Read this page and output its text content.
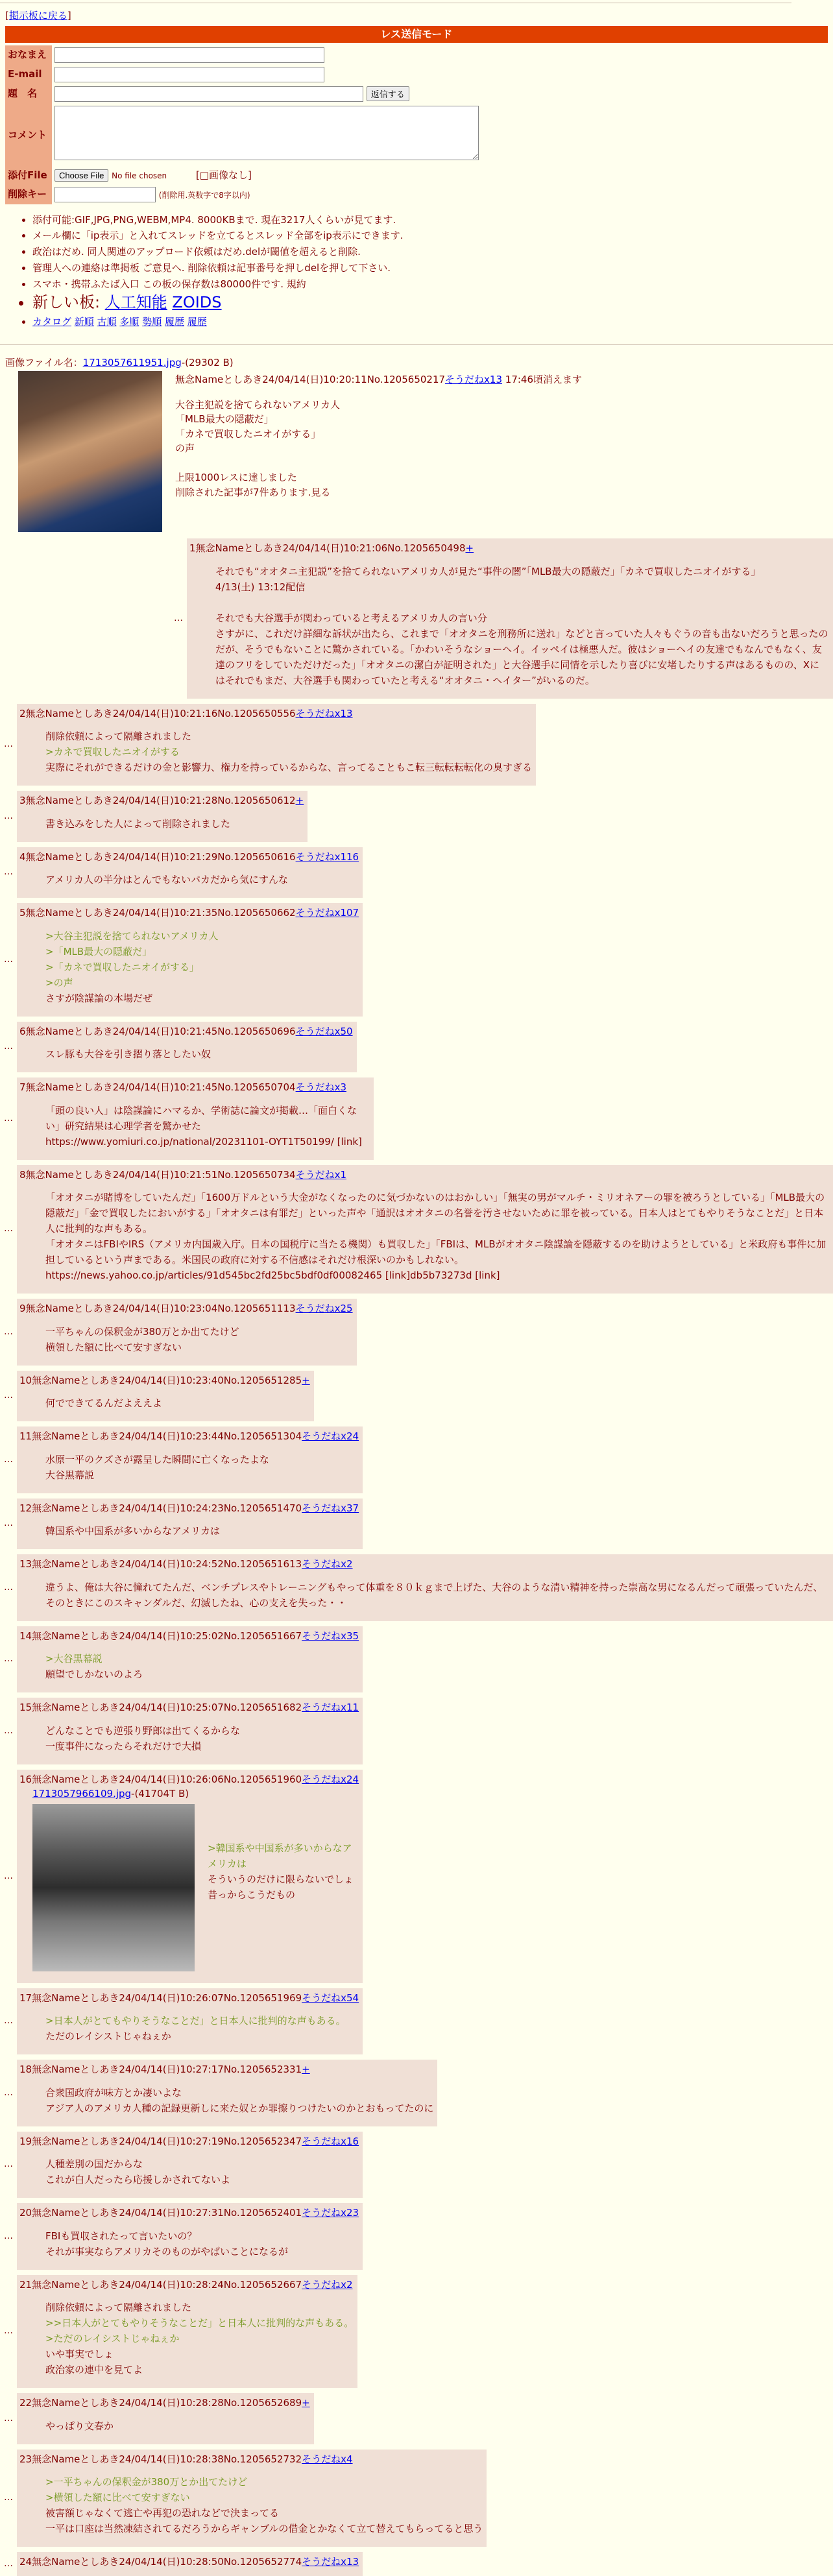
[掲示板に戻る]
レス送信モード
おなまえ	
E-mail	
題　名	返信する
コメント	
添付File	Choose File No file chosen [□画像なし]
削除キー	(削除用.英数字で8字以内)
• 添付可能:GIF,JPG,PNG,WEBM,MP4. 8000KBまで. 現在3217人くらいが見てます.
• メール欄に「ip表示」と入れてスレッドを立てるとスレッド全部をip表示にできます.
• 政治はだめ. 同人関連のアップロード依頼はだめ.delが閾値を超えると削除.
• 管理人への連絡は準掲板 ご意見へ. 削除依頼は記事番号を押しdelを押して下さい.
• スマホ・携帯ふたば入口 この板の保存数は80000件です. 規約
• 新しい板: 人工知能 ZOIDS
• カタログ 新順 古順 多順 勢順 履歴 履歴
画像ファイル名：1713057611951.jpg-(29302 B)
無念Nameとしあき24/04/14(日)10:20:11No.1205650217そうだねx13 17:46頃消えます

大谷主犯説を捨てられないアメリカ人

「MLB最大の隠蔽だ」

「カネで買収したニオイがする」

の声

上限1000レスに達しました

削除された記事が7件あります.見る

…	
1無念Nameとしあき24/04/14(日)10:21:06No.1205650498+
それでも“オオタニ主犯説”を捨てられないアメリカ人が見た“事件の闇”「MLB最大の隠蔽だ」「カネで買収したニオイがする」
4/13(土) 13:12配信

それでも大谷選手が関わっていると考えるアメリカ人の言い分
さすがに、これだけ詳細な訴状が出たら、これまで「オオタニを刑務所に送れ」などと言っていた人々もぐうの音も出ないだろうと思ったのだが、そうでもないことに驚かされている。「かわいそうなショーヘイ。イッペイは極悪人だ。彼はショーヘイの友達でもなんでもなく、友達のフリをしていただけだった」「オオタニの潔白が証明された」と大谷選手に同情を示したり喜びに安堵したりする声はあるものの、Xにはそれでもまだ、大谷選手も関わっていたと考える“オオタニ・ヘイター”がいるのだ。
…	
2無念Nameとしあき24/04/14(日)10:21:16No.1205650556そうだねx13
削除依頼によって隔離されました
>カネで買収したニオイがする
実際にそれができるだけの金と影響力、権力を持っているからな、言ってることもこ転三転転転転化の臭すぎる
…	
3無念Nameとしあき24/04/14(日)10:21:28No.1205650612+
書き込みをした人によって削除されました
…	
4無念Nameとしあき24/04/14(日)10:21:29No.1205650616そうだねx116
アメリカ人の半分はとんでもないバカだから気にすんな
…	
5無念Nameとしあき24/04/14(日)10:21:35No.1205650662そうだねx107
>大谷主犯説を捨てられないアメリカ人
>「MLB最大の隠蔽だ」
>「カネで買収したニオイがする」
>の声
さすが陰謀論の本場だぜ
…	
6無念Nameとしあき24/04/14(日)10:21:45No.1205650696そうだねx50
スレ豚も大谷を引き摺り落としたい奴
…	
7無念Nameとしあき24/04/14(日)10:21:45No.1205650704そうだねx3
「頭の良い人」は陰謀論にハマるか、学術誌に論文が掲載…「面白くない」研究結果は心理学者を驚かせた
https://www.yomiuri.co.jp/national/20231101-OYT1T50199/ [link]
…	
8無念Nameとしあき24/04/14(日)10:21:51No.1205650734そうだねx1
「オオタニが賭博をしていたんだ」「1600万ドルという大金がなくなったのに気づかないのはおかしい」「無実の男がマルチ・ミリオネアーの罪を被ろうとしている」「MLB最大の隠蔽だ」「金で買収したにおいがする」「オオタニは有罪だ」といった声や「通訳はオオタニの名誉を汚させないために罪を被っている。日本人はとてもやりそうなことだ」と日本人に批判的な声もある。
「オオタニはFBIやIRS（アメリカ内国歳入庁。日本の国税庁に当たる機関）も買収した」「FBIは、MLBがオオタニ陰謀論を隠蔽するのを助けようとしている」と米政府も事件に加担しているという声まである。米国民の政府に対する不信感はそれだけ根深いのかもしれない。
https://news.yahoo.co.jp/articles/91d545bc2fd25bc5bdf0df00082465 [link]db5b73273d [link]
…	
9無念Nameとしあき24/04/14(日)10:23:04No.1205651113そうだねx25
一平ちゃんの保釈金が380万とか出てたけど
横領した額に比べて安すぎない
…	
10無念Nameとしあき24/04/14(日)10:23:40No.1205651285+
何でできてるんだよええよ
…	
11無念Nameとしあき24/04/14(日)10:23:44No.1205651304そうだねx24
水原一平のクズさが露呈した瞬間に亡くなったよな
大谷黒幕説
…	
12無念Nameとしあき24/04/14(日)10:24:23No.1205651470そうだねx37
韓国系や中国系が多いからなアメリカは
…	
13無念Nameとしあき24/04/14(日)10:24:52No.1205651613そうだねx2
違うよ、俺は大谷に憧れてたんだ、ベンチプレスやトレーニングもやって体重を８０ｋｇまで上げた、大谷のような清い精神を持った崇高な男になるんだって頑張っていたんだ、そのときにこのスキャンダルだ、幻滅したね、心の支えを失った・・
…	
14無念Nameとしあき24/04/14(日)10:25:02No.1205651667そうだねx35
>大谷黒幕説
願望でしかないのよろ
…	
15無念Nameとしあき24/04/14(日)10:25:07No.1205651682そうだねx11
どんなことでも逆張り野郎は出てくるからな
一度事件になったらそれだけで大損
…	
16無念Nameとしあき24/04/14(日)10:26:06No.1205651960そうだねx24
1713057966109.jpg-(41704T B)
>韓国系や中国系が多いからなアメリカは
そういうのだけに限らないでしょ
昔っからこうだもの
…	
17無念Nameとしあき24/04/14(日)10:26:07No.1205651969そうだねx54
>日本人がとてもやりそうなことだ」と日本人に批判的な声もある。
ただのレイシストじゃねぇか
…	
18無念Nameとしあき24/04/14(日)10:27:17No.1205652331+
合衆国政府が味方とか凄いよな
アジア人のアメリカ人種の記録更新しに来た奴とか罪擦りつけたいのかとおもってたのに
…	
19無念Nameとしあき24/04/14(日)10:27:19No.1205652347そうだねx16
人種差別の国だからな
これが白人だったら応援しかされてないよ
…	
20無念Nameとしあき24/04/14(日)10:27:31No.1205652401そうだねx23
FBIも買収されたって言いたいの？
それが事実ならアメリカそのものがやばいことになるが
…	
21無念Nameとしあき24/04/14(日)10:28:24No.1205652667そうだねx2
削除依頼によって隔離されました
>>日本人がとてもやりそうなことだ」と日本人に批判的な声もある。
>ただのレイシストじゃねぇか
いや事実でしょ
政治家の連中を見てよ
…	
22無念Nameとしあき24/04/14(日)10:28:28No.1205652689+
やっぱり文春か
…	
23無念Nameとしあき24/04/14(日)10:28:38No.1205652732そうだねx4
>一平ちゃんの保釈金が380万とか出てたけど
>横領した額に比べて安すぎない
被害額じゃなくて逃亡や再犯の恐れなどで決まってる
一平は口座は当然凍結されてるだろうからギャンブルの借金とかなくて立て替えてもらってると思う
…	24無念Nameとしあき24/04/14(日)10:28:50No.1205652774そうだねx13
